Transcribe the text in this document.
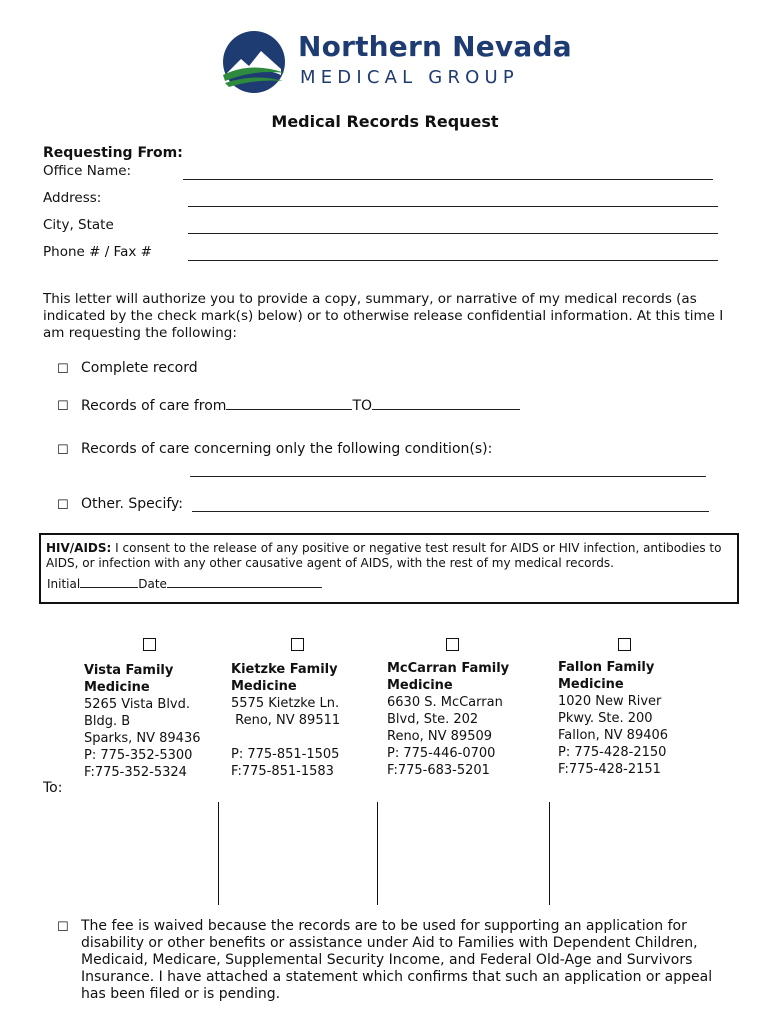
Northern Nevada
MEDICAL GROUP
Medical Records Request
Requesting From:
Office Name:
Address:
City, State
Phone # / Fax #
This letter will authorize you to provide a copy, summary, or narrative of my medical records (as indicated by the check mark(s) below) or to otherwise release confidential information. At this time I am requesting the following:
☐ Complete record
☐ Records of care from	TO
☐ Records of care concerning only the following condition(s):
☐ Other. Specify:
HIV/AIDS: I consent to the release of any positive or negative test result for AIDS or HIV infection, antibodies to AIDS, or infection with any other causative agent of AIDS, with the rest of my medical records.
Initial	Date
Vista Family Medicine
5265 Vista Blvd.
Bldg. B
Sparks, NV 89436
P: 775-352-5300
F:775-352-5324
Kietzke Family Medicine
5575 Kietzke Ln.
Reno, NV 89511
P: 775-851-1505
F:775-851-1583
McCarran Family Medicine
6630 S. McCarran
Blvd, Ste. 202
Reno, NV 89509
P: 775-446-0700
F:775-683-5201
Fallon Family Medicine
1020 New River
Pkwy. Ste. 200
Fallon, NV 89406
P: 775-428-2150
F:775-428-2151
To:
☐ The fee is waived because the records are to be used for supporting an application for disability or other benefits or assistance under Aid to Families with Dependent Children, Medicaid, Medicare, Supplemental Security Income, and Federal Old-Age and Survivors Insurance. I have attached a statement which confirms that such an application or appeal has been filed or is pending.
